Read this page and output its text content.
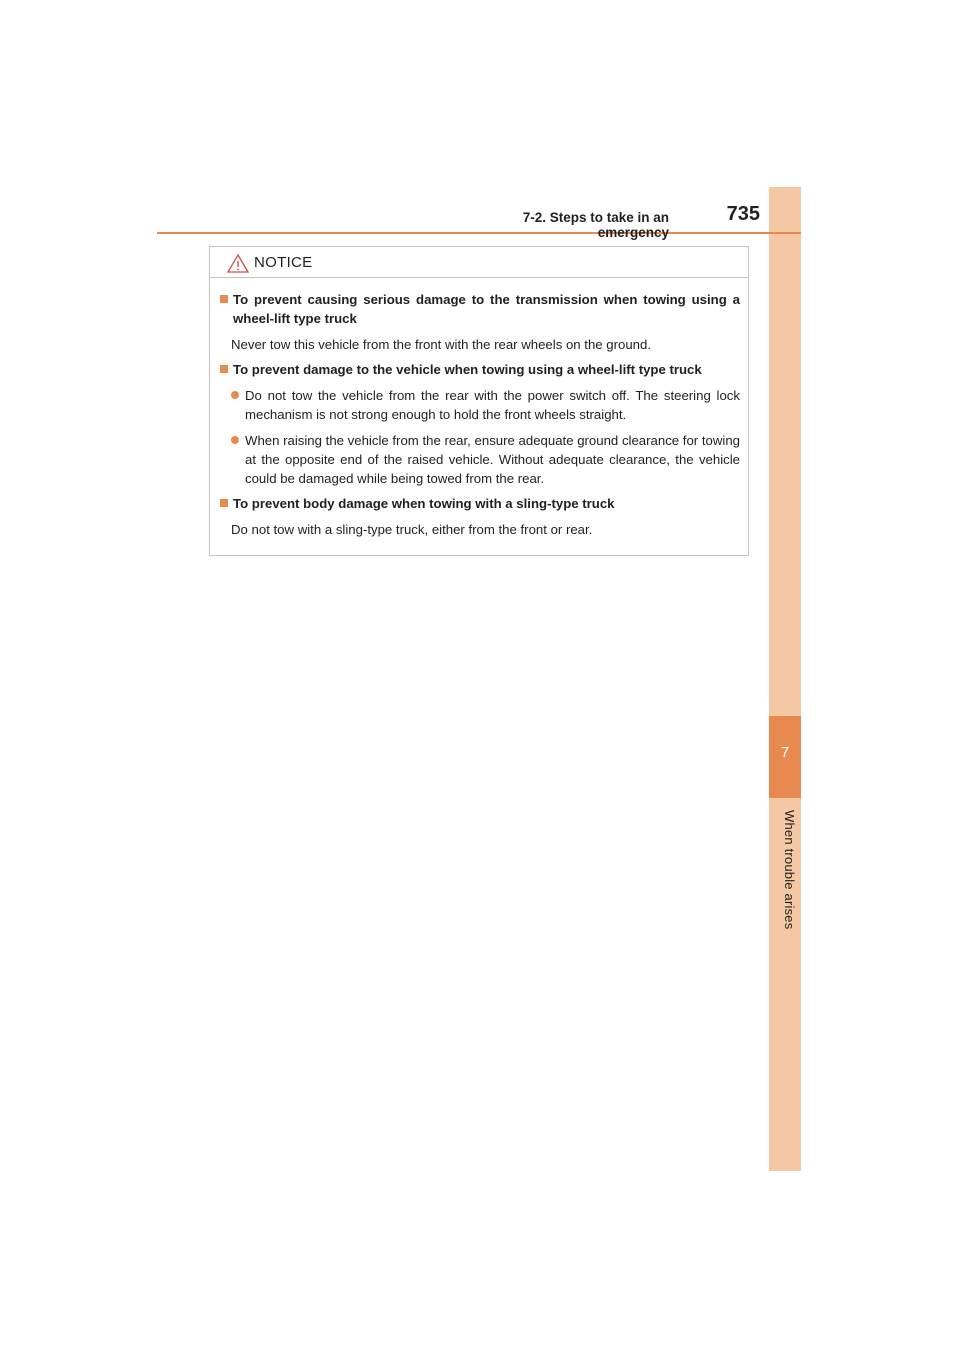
7
When trouble arises
7-2. Steps to take in an emergency
735
NOTICE
To prevent causing serious damage to the transmission when towing using a wheel-lift type truck
Never tow this vehicle from the front with the rear wheels on the ground.
To prevent damage to the vehicle when towing using a wheel-lift type truck
Do not tow the vehicle from the rear with the power switch off. The steering lock mechanism is not strong enough to hold the front wheels straight.
When raising the vehicle from the rear, ensure adequate ground clearance for towing at the opposite end of the raised vehicle. Without adequate clearance, the vehicle could be damaged while being towed from the rear.
To prevent body damage when towing with a sling-type truck
Do not tow with a sling-type truck, either from the front or rear.
